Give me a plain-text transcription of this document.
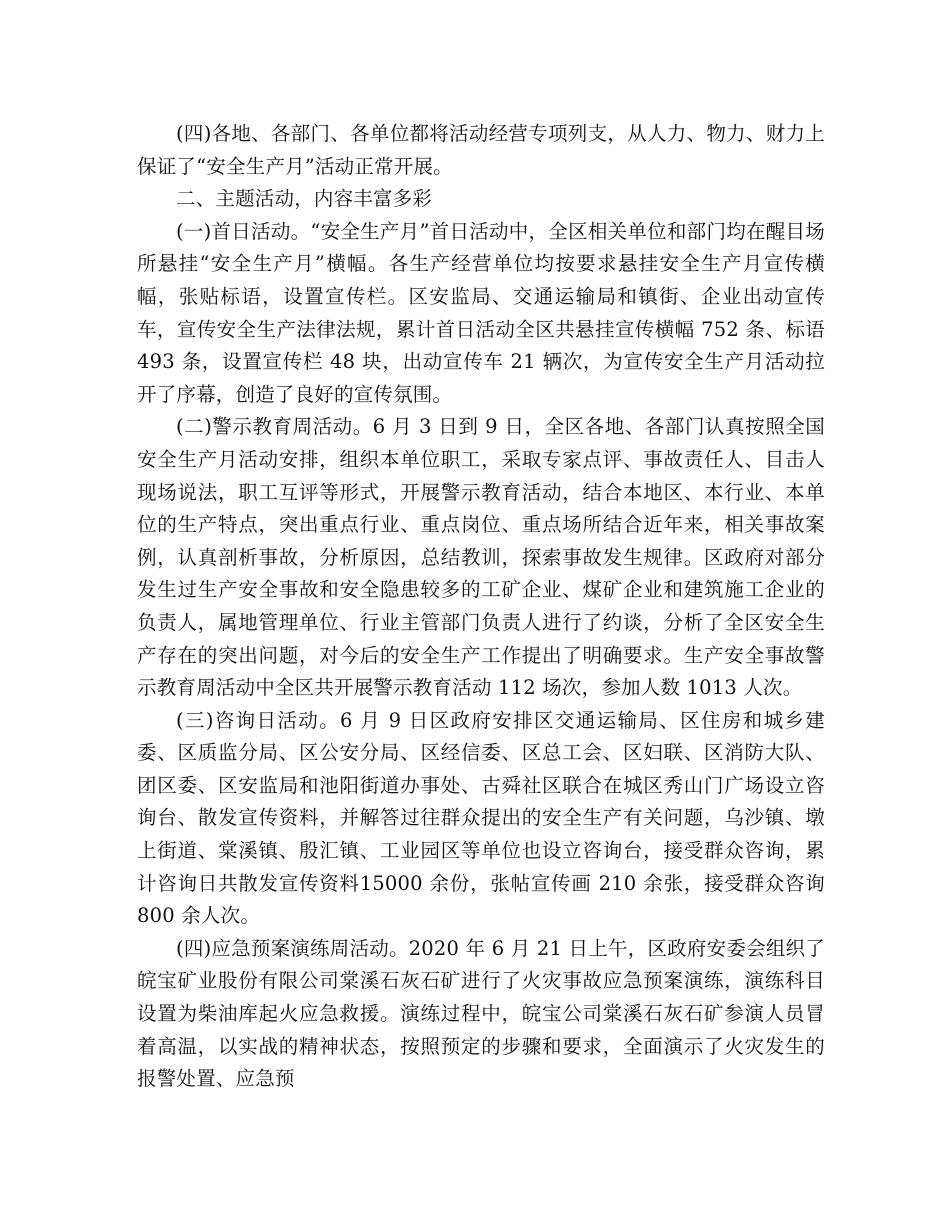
(四)各地、各部门、各单位都将活动经营专项列支，从人力、物力、财力上保证了“安全生产月”活动正常开展。

二、主题活动，内容丰富多彩

(一)首日活动。“安全生产月”首日活动中，全区相关单位和部门均在醒目场所悬挂“安全生产月”横幅。各生产经营单位均按要求悬挂安全生产月宣传横幅，张贴标语，设置宣传栏。区安监局、交通运输局和镇街、企业出动宣传车，宣传安全生产法律法规，累计首日活动全区共悬挂宣传横幅 752 条、标语 493 条，设置宣传栏 48 块，出动宣传车 21 辆次，为宣传安全生产月活动拉开了序幕，创造了良好的宣传氛围。

(二)警示教育周活动。6 月 3 日到 9 日，全区各地、各部门认真按照全国安全生产月活动安排，组织本单位职工，采取专家点评、事故责任人、目击人现场说法，职工互评等形式，开展警示教育活动，结合本地区、本行业、本单位的生产特点，突出重点行业、重点岗位、重点场所结合近年来，相关事故案例，认真剖析事故，分析原因，总结教训，探索事故发生规律。区政府对部分发生过生产安全事故和安全隐患较多的工矿企业、煤矿企业和建筑施工企业的负责人，属地管理单位、行业主管部门负责人进行了约谈，分析了全区安全生产存在的突出问题，对今后的安全生产工作提出了明确要求。生产安全事故警示教育周活动中全区共开展警示教育活动 112 场次，参加人数 1013 人次。

(三)咨询日活动。6 月 9 日区政府安排区交通运输局、区住房和城乡建委、区质监分局、区公安分局、区经信委、区总工会、区妇联、区消防大队、团区委、区安监局和池阳街道办事处、古舜社区联合在城区秀山门广场设立咨询台、散发宣传资料，并解答过往群众提出的安全生产有关问题，乌沙镇、墩上街道、棠溪镇、殷汇镇、工业园区等单位也设立咨询台，接受群众咨询，累计咨询日共散发宣传资料15000 余份，张帖宣传画 210 余张，接受群众咨询 800 余人次。

(四)应急预案演练周活动。2020 年 6 月 21 日上午，区政府安委会组织了皖宝矿业股份有限公司棠溪石灰石矿进行了火灾事故应急预案演练，演练科目设置为柴油库起火应急救援。演练过程中，皖宝公司棠溪石灰石矿参演人员冒着高温，以实战的精神状态，按照预定的步骤和要求，全面演示了火灾发生的报警处置、应急预
